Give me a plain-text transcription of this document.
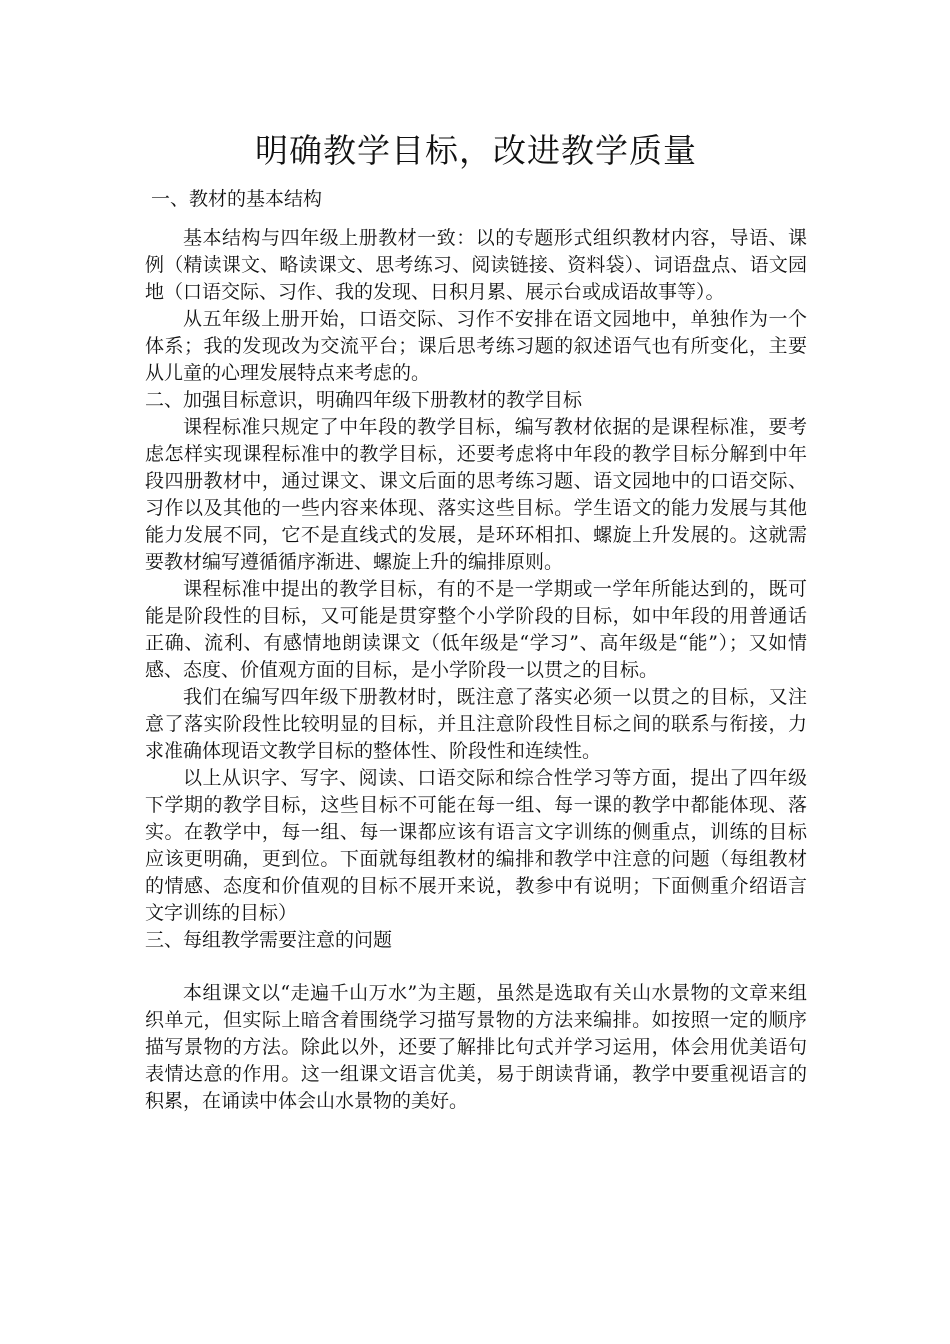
明确教学目标，改进教学质量

一、教材的基本结构

基本结构与四年级上册教材一致：以的专题形式组织教材内容，导语、课例（精读课文、略读课文、思考练习、阅读链接、资料袋）、词语盘点、语文园地（口语交际、习作、我的发现、日积月累、展示台或成语故事等）。

从五年级上册开始，口语交际、习作不安排在语文园地中，单独作为一个体系；我的发现改为交流平台；课后思考练习题的叙述语气也有所变化，主要从儿童的心理发展特点来考虑的。

二、加强目标意识，明确四年级下册教材的教学目标

课程标准只规定了中年段的教学目标，编写教材依据的是课程标准，要考虑怎样实现课程标准中的教学目标，还要考虑将中年段的教学目标分解到中年段四册教材中，通过课文、课文后面的思考练习题、语文园地中的口语交际、习作以及其他的一些内容来体现、落实这些目标。学生语文的能力发展与其他能力发展不同，它不是直线式的发展，是环环相扣、螺旋上升发展的。这就需要教材编写遵循循序渐进、螺旋上升的编排原则。

课程标准中提出的教学目标，有的不是一学期或一学年所能达到的，既可能是阶段性的目标，又可能是贯穿整个小学阶段的目标，如中年段的用普通话正确、流利、有感情地朗读课文（低年级是“学习”、高年级是“能”）；又如情感、态度、价值观方面的目标，是小学阶段一以贯之的目标。

我们在编写四年级下册教材时，既注意了落实必须一以贯之的目标，又注意了落实阶段性比较明显的目标，并且注意阶段性目标之间的联系与衔接，力求准确体现语文教学目标的整体性、阶段性和连续性。

以上从识字、写字、阅读、口语交际和综合性学习等方面，提出了四年级下学期的教学目标，这些目标不可能在每一组、每一课的教学中都能体现、落实。在教学中，每一组、每一课都应该有语言文字训练的侧重点，训练的目标应该更明确，更到位。下面就每组教材的编排和教学中注意的问题（每组教材的情感、态度和价值观的目标不展开来说，教参中有说明；下面侧重介绍语言文字训练的目标）

三、每组教学需要注意的问题

本组课文以“走遍千山万水”为主题，虽然是选取有关山水景物的文章来组织单元，但实际上暗含着围绕学习描写景物的方法来编排。如按照一定的顺序描写景物的方法。除此以外，还要了解排比句式并学习运用，体会用优美语句表情达意的作用。这一组课文语言优美，易于朗读背诵，教学中要重视语言的积累，在诵读中体会山水景物的美好。
